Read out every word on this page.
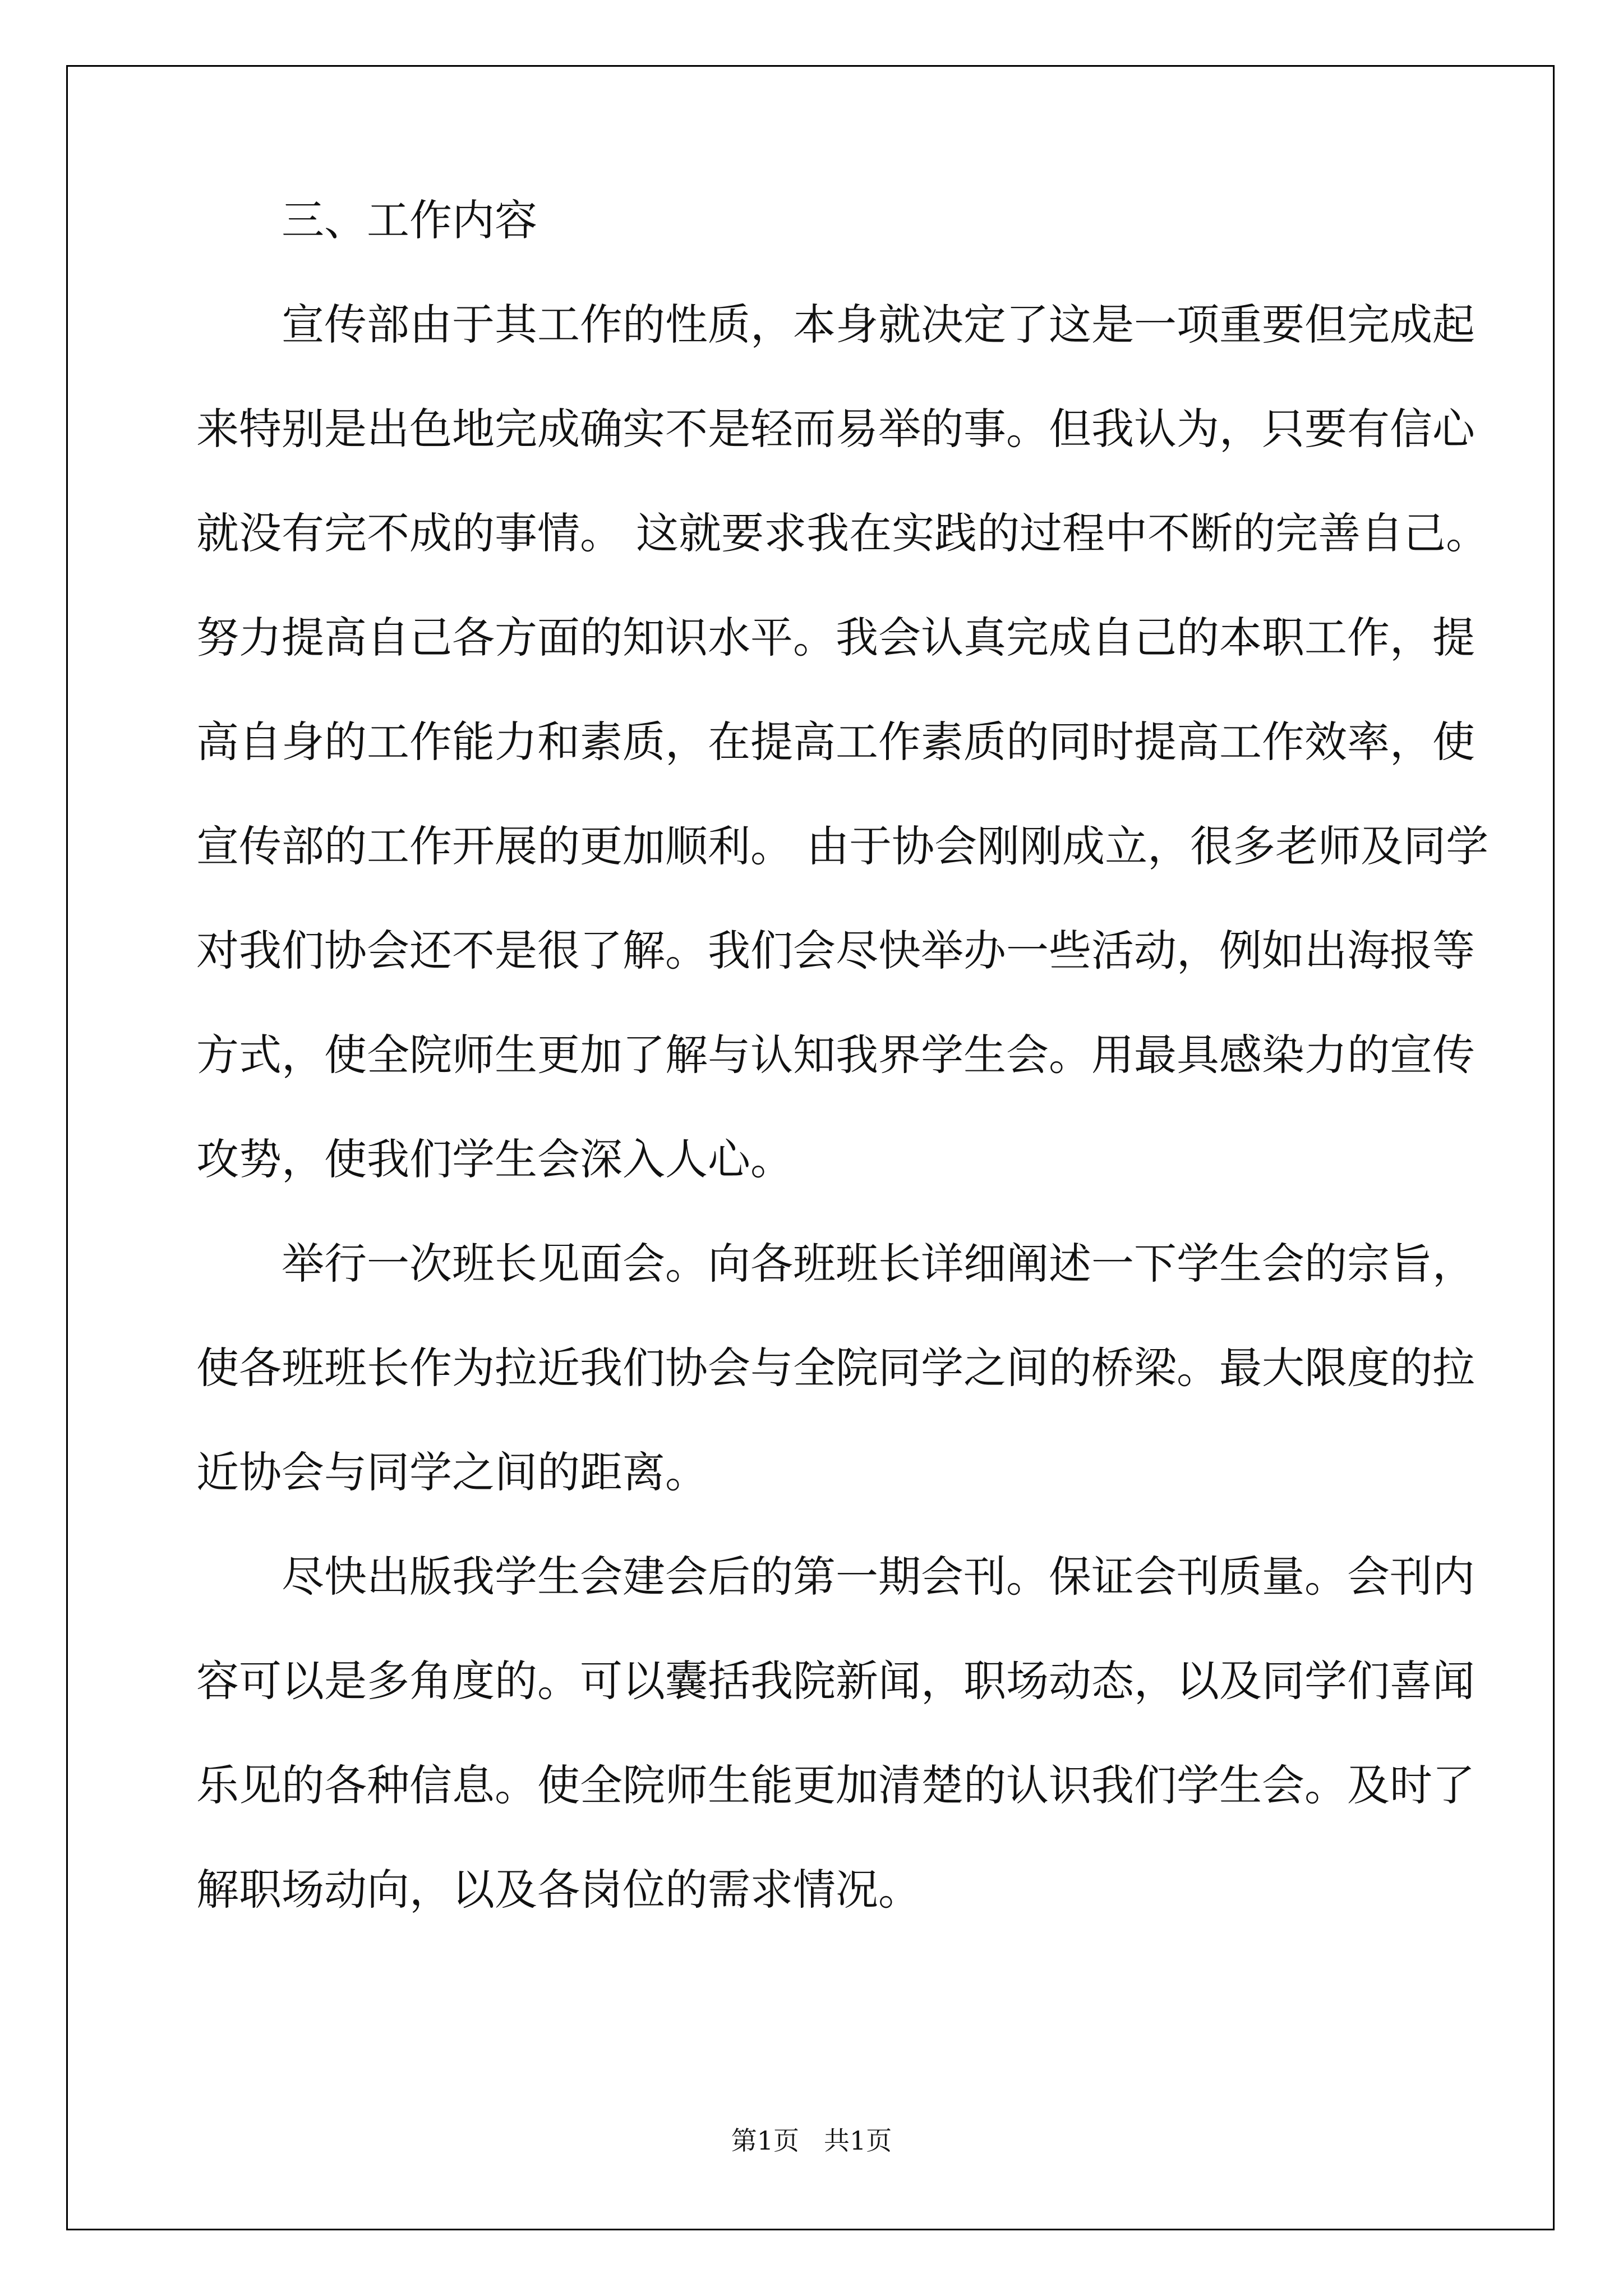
三、工作内容
宣传部由于其工作的性质，本身就决定了这是一项重要但完成起
来特别是出色地完成确实不是轻而易举的事。但我认为，只要有信心
就没有完不成的事情。 这就要求我在实践的过程中不断的完善自己。
努力提高自己各方面的知识水平。我会认真完成自己的本职工作，提
高自身的工作能力和素质，在提高工作素质的同时提高工作效率，使
宣传部的工作开展的更加顺利。 由于协会刚刚成立，很多老师及同学
对我们协会还不是很了解。我们会尽快举办一些活动，例如出海报等
方式，使全院师生更加了解与认知我界学生会。用最具感染力的宣传
攻势，使我们学生会深入人心。
举行一次班长见面会。向各班班长详细阐述一下学生会的宗旨，
使各班班长作为拉近我们协会与全院同学之间的桥梁。最大限度的拉
近协会与同学之间的距离。
尽快出版我学生会建会后的第一期会刊。保证会刊质量。会刊内
容可以是多角度的。可以囊括我院新闻，职场动态，以及同学们喜闻
乐见的各种信息。使全院师生能更加清楚的认识我们学生会。及时了
解职场动向，以及各岗位的需求情况。
第1页 共1页
